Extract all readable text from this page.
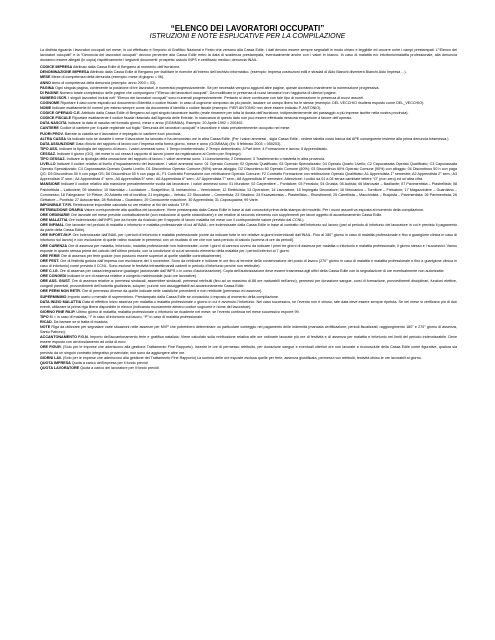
“ELENCO DEI LAVORATORI OCCUPATI”
ISTRUZIONI E NOTE ESPLICATIVE PER LA COMPILAZIONE

La distinta riguarda i lavoratori occupati nel mese, in cui effettuato e l’importo di Grafifico Nazional e Festo che versano alla Cassa Edile. I dati devono essere sempre segnalati in modo chiaro e leggibile ed occorre unire i campi prestampati. L’“Elenco dei lavoratori occupati” e la “Denuncia dei lavoratori occupati” devono pervenire alla Cassa Edile entro la data di scadenza prestampata, eventualmente anche con i valori in bianco. In caso di malattia e/o infortunio/malattia professionale, alla denuncia dovranno essere allegati (in copia) rispettivamente i seguenti documenti: prospetto calcolo INPS e certificato medico; denuncia INAIL.

CODICE IMPRESA Attributo dalla Cassa Edile di Bergamo al momento dell’iscrizione.

DENOMINAZIONE IMPRESA Attributo dalla Cassa Edile di Bergamo per facilitare le ricerche all’interno dell’archivio informatico. (esempio: Impresa costruzioni edili e stradali di Aldo Bianchi diventerà Bianchi Aldo Impresa ...).

MESE Mese di competenza della denuncia (esempio: mese di giugno = 06).

ANNO Anno di competenza della denuncia (esempio: anno 2003 = 03).

PAGINA Ogni singola pagina, contenente la posizione di tre lavoratori, è numerata progressivamente. Se per necessità vengono aggiunti altre pagine, queste dovranno mantenere la numerazione progressiva.

DI PAGINE Numero totale complessivo delle pagine che compongono l’“Elenco dei lavoratori occupati”. Da modificare in presenza di nuovi lavoratori non l’aggiunta di ulteriori pagine.

NUMERO ISCR. I singoli lavoratori inclusi nell’ “Elenco dei lavoratori occupati” sono numerati progressivamente. Pertanto si deve continuare con tale tipo di numerazione in presenza di nuovi assunti.

COGNOME Riportare il dato come esposto sul documento d’identità o codice fiscale. In caso di cognome composto da più parole, lasciare un campo libero fra le stesse (esempio: DEL VECCHIO risulterà esposto come DEL_VECCHIO).

NOME Indicare esattamente il/i nome/i per esteso sempre come da documento d’identità o codice fiscale (esempio: PIER ANTONIO non deve essere indicato P. ANTONIO).

CODICE OPERAIO C.E. Attributo dalla Cassa Edile di Bergamo ad ogni singolo lavoratore iscritto (reale rimanere per tutta la durata dell’iscrizione, indipendentemente del passaggio a più imprese iscritte nella nostra provincia).

CODICE FISCALE Riportare esattamente il codice fiscale rilasciato dall’Agenzia delle Entrate. In mancanza di questo dato non può essere effettuata nessuna erogazione a favore dell’operaio.

DATA NASCITA Indicare la data di nascita nel formato giorno, mese e anno (GGMMAA). Esempio: 20 Aprile 1992 = 200492.

CANTIERE Codice di cantiere per il quale registrate sul foglio “Denuncia dei lavoratori occupati” e lavoratore è stato prevalentemente occupato nel mese.

FUORI PROV. Barrare la casella se il lavoratore è impiegato in cantiere fuori provincia.

ALTRA CASSA Va indicato solo se durante il mese il lavoratore ha lavorato e ha denunciato ore in altra Cassa Edile. (Per i valori ammessi - sigla Cassa Edile - vedere tabella costo banca dal APE conseguente insieme alla prima denuncia trasmessa.)

DATA ASSUNZIONE Data d’inizio del rapporto di lavoro con l’impresa nella forma giorno, mese e anno (GGMMAA) (Es: 5 febbraio 2003 = 050203).

TIPO ASS. Indicare la tipologia del rapporto di lavoro. I valori ammessi sono: 1 Tempo indeterminato; 2 Tempo determinato; 3 Part time; 4 Formazione e lavoro; 5 Apprendistato.

CESSAZ. Indicare il giorno (GG), del mese in cui cessa il rapporto di lavoro (come da registrazione al Centro per l’impiego).

TIPO CESSAZ. Indicare la tipologia della cessazione del rapporto di lavoro. I valori ammessi sono: 1 Licenziamento; 2 Dimissioni; 3 Trasferimento o trasferta in altra provincia.

LIVELLO Indicare il codice relativo al livello d’inquadramento del lavoratore. I valori ammessi sono: 01 Operaio Comune; 02 Operaio Qualificato; 03 Operaio Specializzato; 04 Operaio Quarto Livello; C2 Capocassata Operaio Qualificato; C3 Capocassata Operaio Specializzato; C4 Capocassata Operaio Quarto Livello; D1 Discontinuo Operaio Comune (90%) senza alloggio; D2 Discontinuo 60 Operaio Comune (60%); 03 Discontinuo 60% Operaio Comune (90%) con alloggio; 04 Discontinuo 50 h con paga QG; D5 Discontinuo 50 h con paga OS; D6 Discontinuo 50 h con paga 4L; F1 Contratto Formazione con retribuzione Operaio Comune; F2 Contratto Formazione con retribuzione Operaio Qualificato; A1 Apprendista 1° semestre; A2 Apprendista 2° sem.; A3 Apprendista 3° sem.; A4 Apprendista 4° sem.; A5 Apprendista 5° sem.; A6 Apprendista 6° sem.; A7 Apprendista 7° sem.; A8 Apprendista 8° semestre. Attenzione: i codici da 01 a 04 senza cambiate lettere “O” (non zero) ed un’altra cifra.

MANSIONE Indicare il codice relativo alla mansione prevalentemente svolta dal lavoratore. I valori ammessi sono: 01 Muratore; 02 Carpentiere – Pontatore; 03 Ferraiolo; 04 Gruista; 05 Autista; 06 Manovale – Badilante; 07 Pavimentista – Piastrellista; 08 Palchettista – Lattoniere; 09 Idraulico; 10 Marmista – Lucidatore – Scalpellino; 11 Imbianchino – Verniciatore; 12 Elettricista; 13 Operatore; 14 Lavoratore; 15 Impiegato Decoratore; 16 Meccanico – Tornitore – Fresatore; 17 Magazziniere – Guardiano – Commesso; 18 Falegname; 19 Pittore; 20 Addetto reti di bonifica; 21 Impiegato – Vetraio; 22 Stuccatore – Cementista; 23 Stradino; 24 Escavatorista – Piastrellista – Rivestimenti; 25 Carrellista – Macchinista – Ruspista – Pavimentista; 26 Pavimentista; 26 Gettatore – Pontista; 27 Autocarrista; 28 Rotolista – Guardiano; 29 Conducente macchine; 30 Apprendista; 31 Caposquadra; 99 Varie.

IMPONIBILE T.F.R. Retribuzione imponibile calcolata su ore relative ai fini del calcolo T.F.R.

RETRIBUZIONE ORARIA Valore corrispondente alla qualifica del lavoratore. Viene prestampata dalla Cassa Edile in base ai dati conosciuti prima della stampa del modello. Per i nuovi assunti va esposta al momento della compilazione.

ORE ORDINARIE Ore lavorate nel mese previste contrattualmente (con esclusione di quelle straordinarie) e ore relative al secondo elemento con supplementi per lavori oggetto di accantonamento Cassa Edile.

ORE MALATTIA Ore indennizzate dall’INPS (ore da fornire da ricalcolo per il rapporto di lavoro malattia nel mese con il corrispondente valore previsto dal CCNL).

ORE INF/MAL Ore lavorate nel periodo di malattia o infortunio e malattia professionale di cui all’INAIL; ore indennizzate dalla Cassa Edile in base al contratto dell’infortunio sul lavoro (pari al periodo di infortunio del lavoratore in cui è previsto il pagamento da parte della Cassa Edile).

ORE INFORT./M.P. Ore indennizzate dall’INAIL per i periodi di infortunio e malattia professionale (come da indicare tutte le ore relative ai giorni indennizzati dall’INAIL. Fino al 180° giorno in caso di malattia professionale e fino a guarigione clinica in caso di infortunio sul lavoro) e con esclusione di quelle ratino ricadute in permessi; con un risultato di ore che non sarà periodo di calcolo (somma di ore da periodi).

ORE CARENZA Ore di assenza per malattia, infortunio, malattia professionale non indennizzate; come i giorni di carenza ovvero da indicare i primi tre giorni di assenza per malattia o infortunio e malattia professionale, il giorno stesso e i successivi. Vanno esposte in quanto stessa prima del calcolo dell’ultimo periodo; con la condizione di cui al secondo elemento della malattia per i periodi inferiori ai 7 giorni.

ORE FERIE Ore di assenza per ferie godute (non possono essere superiori al quelle stabilite contrattualmente).

ORE FEST. Ore di festività goduta dall’impresa con esclusione del 4 novembre. Sono da retribuire e indicare le ore fino al termine della conservazione del posto di lavoro (270° giorno in caso di malattia e malattia professionale e fino a guarigione clinica in caso di infortunio) come previsto il CCNL. Sono escluse le festività infrasettimanali cadenti in periodo d’infortunio perché non retribuite).

ORE C.I.G. Ore di assenza per cassa integrazione guadagni (autorizzate dall’INPS o in corso d’autorizzazione). Copia dell’autorizzazione deve essere trasmessa agli uffici della Cassa Edile con la segnalazione di ore eventualmente non autorizzate.

ORE CONGEDI Indicare le ore di assenza relative a congedo matrimoniale (solo ore lavorative).

ORE ASS. GIUST. Ore di assenza relative a: permessi sindacali, assemblee sindacali, permessi retribuiti (fino ad un massimo di 88 ore maturabili nell’anno), permessi per donazione sangue, corsi di formazione, provvedimenti disciplinari, funzioni elettive, congedi parentali, provvedimenti dell’autorità giudiziaria, scioperi, purché non assoggettabili ad accantonamento Cassa Edile.

ORE PERM NON RETR. Ore di permesso diverse da quelle indicate nelle casistiche precedenti e non retribuite (permesso ed assenze).

SUPERMINIMO Importo orario o mensile di superminimo. Prestampato dalla Cassa Edile se conosciuto o esposto al momento della compilazione.

DATA INIZIO MALATTIA Data di effettivo inizio assenza per malattia o malattia professionale o giorno in cui è avvenuto l’infortunio. Nel caso successivo, se l’evento non è chiuso, tale data deve essere sempre ripetuta. Se nel mese si verificano più di due eventi, utilizzare la prima riga libera disponibile in elenco (indicando nuovamente almeno codice cognome e nome del lavoratore).

GIORNO FINE RILIP. Ultimo giorno di malattia, malattia professionale o infortunio se ricadente nel mese; se l’evento continua nel mese successivo esporre 99.

TIPO M = in caso di malattia, “I” in caso di infortunio sul lavoro, “P” in caso di malattia professionale.

RICAD. Da barrare se si tratta di ricaduta.

NOTE Riga da utilizzare per segnalare varie situazioni nelle assenze per MVP che potrebbero determinare un particolare conteggio nel pagamento delle indennità (mancata certificazione, periodi fiscalizzati, raggiungimento 180° e 270° giorno di assenza, Santo Patrono).

ACCANTONAMENTO F.G.N. Importo dell’accantonamento ferie e gratifica natalizia. Viene calcolato sulla retribuzione relativa alle ore ordinarie lavorate più ore di festività e di assenza per malattia e infortunio nei limiti del periodo indennizzabile. Deve essere esposto con arrotondamento ad unità di euro.

ORE FIGUR. (Solo per le imprese che aderiscono alla gestione Trattamento Fine Rapporto). Inserire le ore di permesso retribuito, per donazione sangue e eventuali ulteriori ore non lavorate e riconosciute della Cassa Edile come figurative, qualora sia previsto da un singolo contratto integrativo provinciale; non sono da aggiungere altre ore.

GIORNI LAV. (Solo per le imprese che aderiscono alla gestione del Trattamento Fine Rapporto) La somma delle ore esposte esclusa quelle per ferie, assenza giustificata, permessi non retribuiti, festività diviso le ore lavorabili al giorno.

QUOTA IMPRESA Quota a carico dell’impresa per il fondo previdi

QUOTA LAVORATORE Quota a carico del lavoratore per il fondo previdi
